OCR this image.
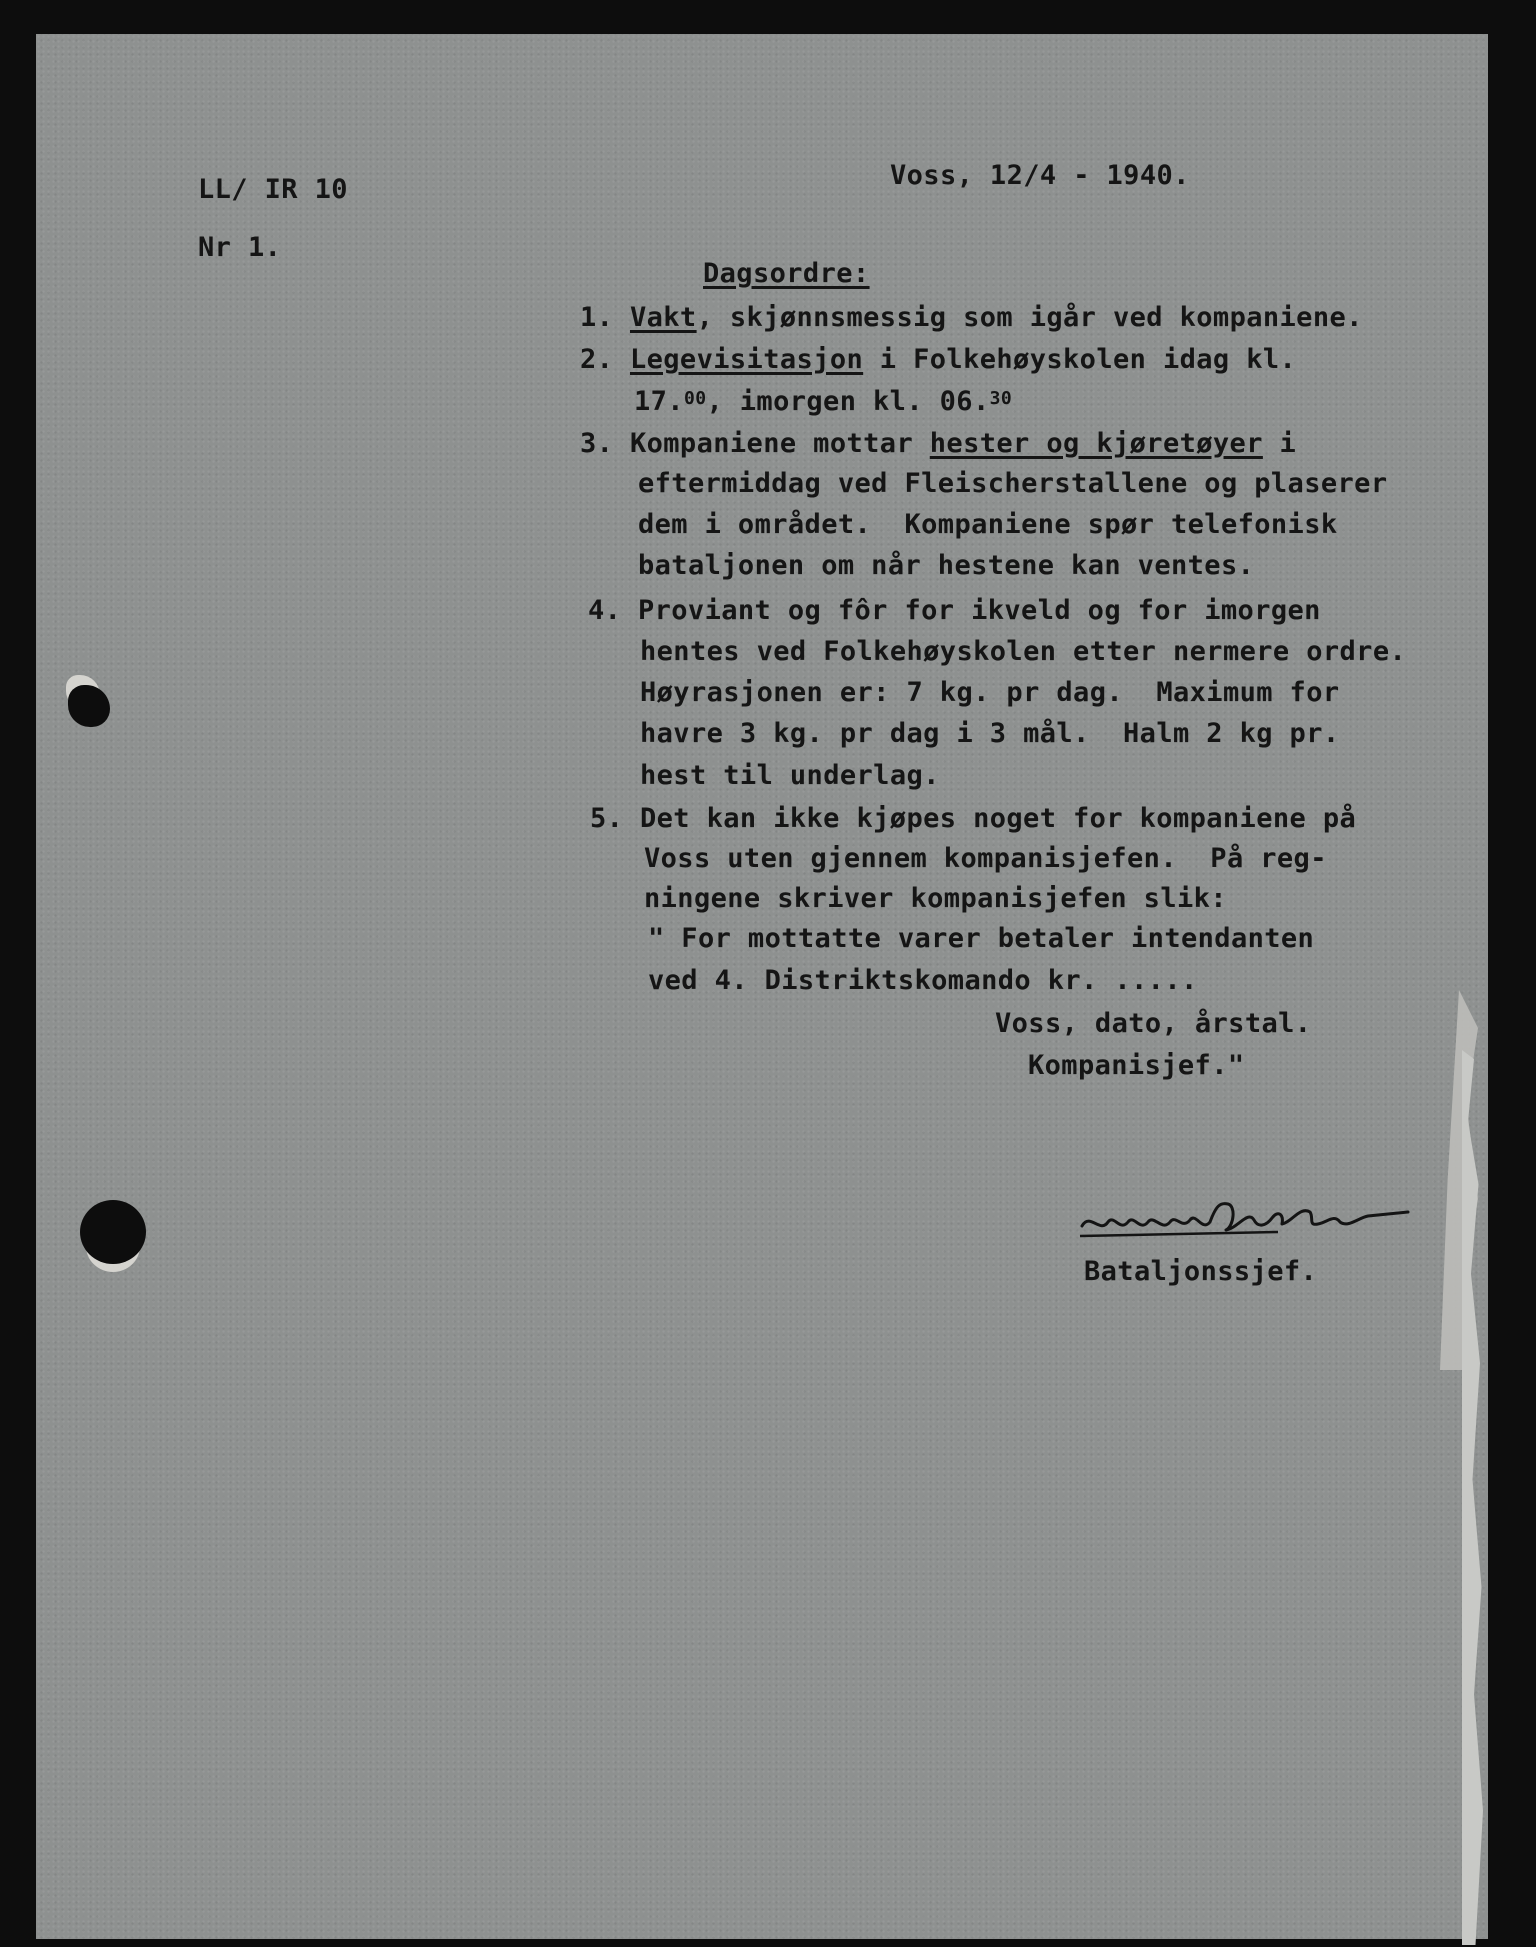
LL/ IR 10
Nr 1.
Voss, 12/4 - 1940.
Dagsordre:
1. Vakt, skjønnsmessig som igår ved kompaniene.
2. Legevisitasjon i Folkehøyskolen idag kl.
17.00, imorgen kl. 06.30
3. Kompaniene mottar hester og kjøretøyer i
eftermiddag ved Fleischerstallene og plaserer
dem i området.  Kompaniene spør telefonisk
bataljonen om når hestene kan ventes.
4. Proviant og fôr for ikveld og for imorgen
hentes ved Folkehøyskolen etter nermere ordre.
Høyrasjonen er: 7 kg. pr dag.  Maximum for
havre 3 kg. pr dag i 3 mål.  Halm 2 kg pr.
hest til underlag.
5. Det kan ikke kjøpes noget for kompaniene på
Voss uten gjennem kompanisjefen.  På reg-
ningene skriver kompanisjefen slik:
" For mottatte varer betaler intendanten
ved 4. Distriktskomando kr. .....
Voss, dato, årstal.
Kompanisjef."
Bataljonssjef.
